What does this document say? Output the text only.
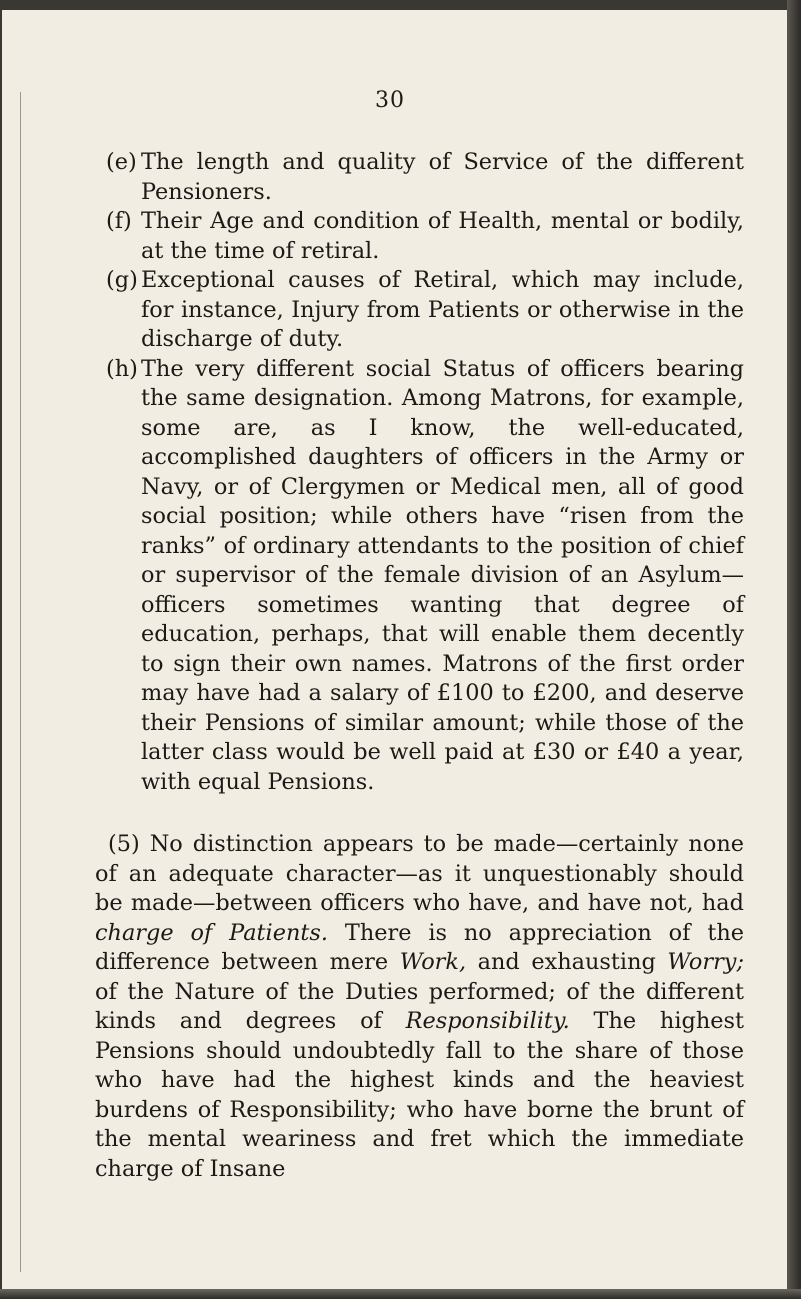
30

(e) The length and quality of Service of the different Pensioners.

(f) Their Age and condition of Health, mental or bodily, at the time of retiral.

(g) Exceptional causes of Retiral, which may include, for instance, Injury from Patients or otherwise in the discharge of duty.

(h) The very different social Status of officers bearing the same designation. Among Matrons, for example, some are, as I know, the well-educated, accomplished daughters of officers in the Army or Navy, or of Clergymen or Medical men, all of good social position; while others have “risen from the ranks” of ordinary attendants to the position of chief or supervisor of the female division of an Asylum—officers sometimes wanting that degree of education, perhaps, that will enable them decently to sign their own names. Matrons of the first order may have had a salary of £100 to £200, and deserve their Pensions of similar amount; while those of the latter class would be well paid at £30 or £40 a year, with equal Pensions.

(5) No distinction appears to be made—certainly none of an adequate character—as it unquestionably should be made—between officers who have, and have not, had charge of Patients. There is no appreciation of the difference between mere Work, and exhausting Worry; of the Nature of the Duties performed; of the different kinds and degrees of Responsibility. The highest Pensions should undoubtedly fall to the share of those who have had the highest kinds and the heaviest burdens of Responsibility; who have borne the brunt of the mental weariness and fret which the immediate charge of Insane
